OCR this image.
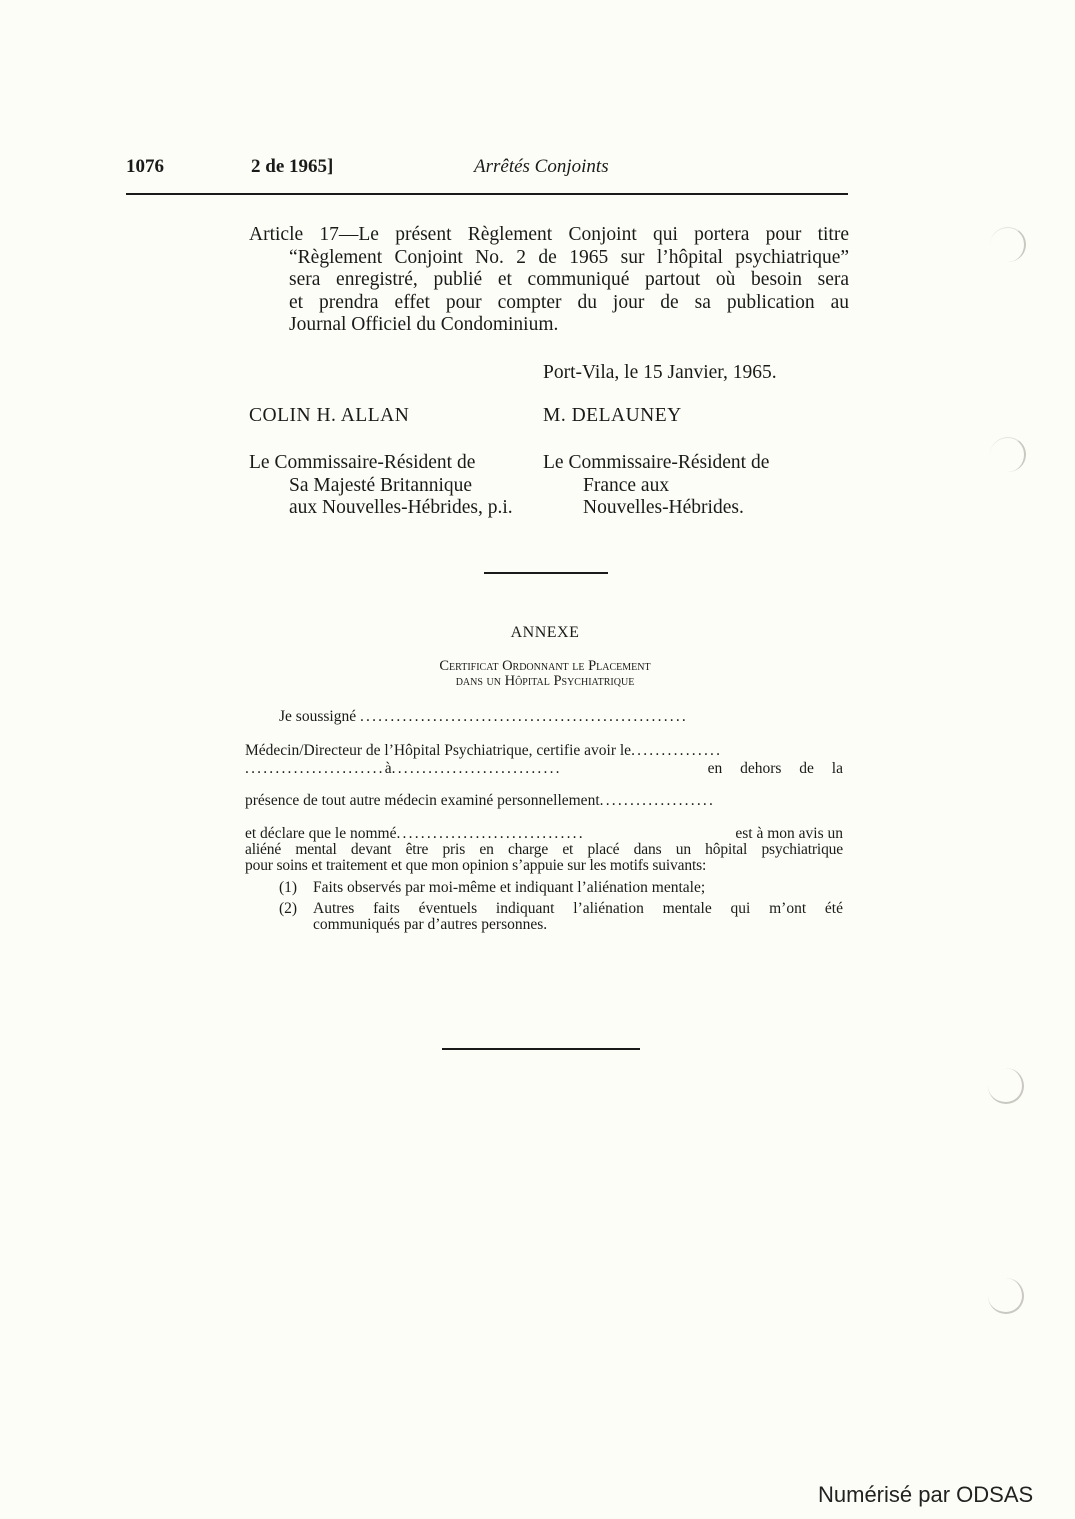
1076	2 de 1965]	Arrêtés Conjoints
Article 17—Le présent Règlement Conjoint qui portera pour titre
“Règlement Conjoint No. 2 de 1965 sur l’hôpital psychiatrique”
sera enregistré, publié et communiqué partout où besoin sera
et prendra effet pour compter du jour de sa publication au
Journal Officiel du Condominium.
Port-Vila, le 15 Janvier, 1965.
COLIN H. ALLAN	M. DELAUNEY
Le Commissaire-Résident de
Sa Majesté Britannique
aux Nouvelles-Hébrides, p.i.
Le Commissaire-Résident de
France aux
Nouvelles-Hébrides.
ANNEXE
Certificat Ordonnant le Placement
dans un Hôpital Psychiatrique
Je soussigné ......................................................
Médecin/Directeur de l’Hôpital Psychiatrique, certifie avoir le...............
.......................à............................	en dehors de la
présence de tout autre médecin examiné personnellement...................
et déclare que le nommé...............................	est à mon avis un
aliéné mental devant être pris en charge et placé dans un hôpital psychiatrique
pour soins et traitement et que mon opinion s’appuie sur les motifs suivants:
(1)	Faits observés par moi-même et indiquant l’aliénation mentale;
(2)	Autres faits éventuels indiquant l’aliénation mentale qui m’ont été
communiqués par d’autres personnes.
Numérisé par ODSAS
